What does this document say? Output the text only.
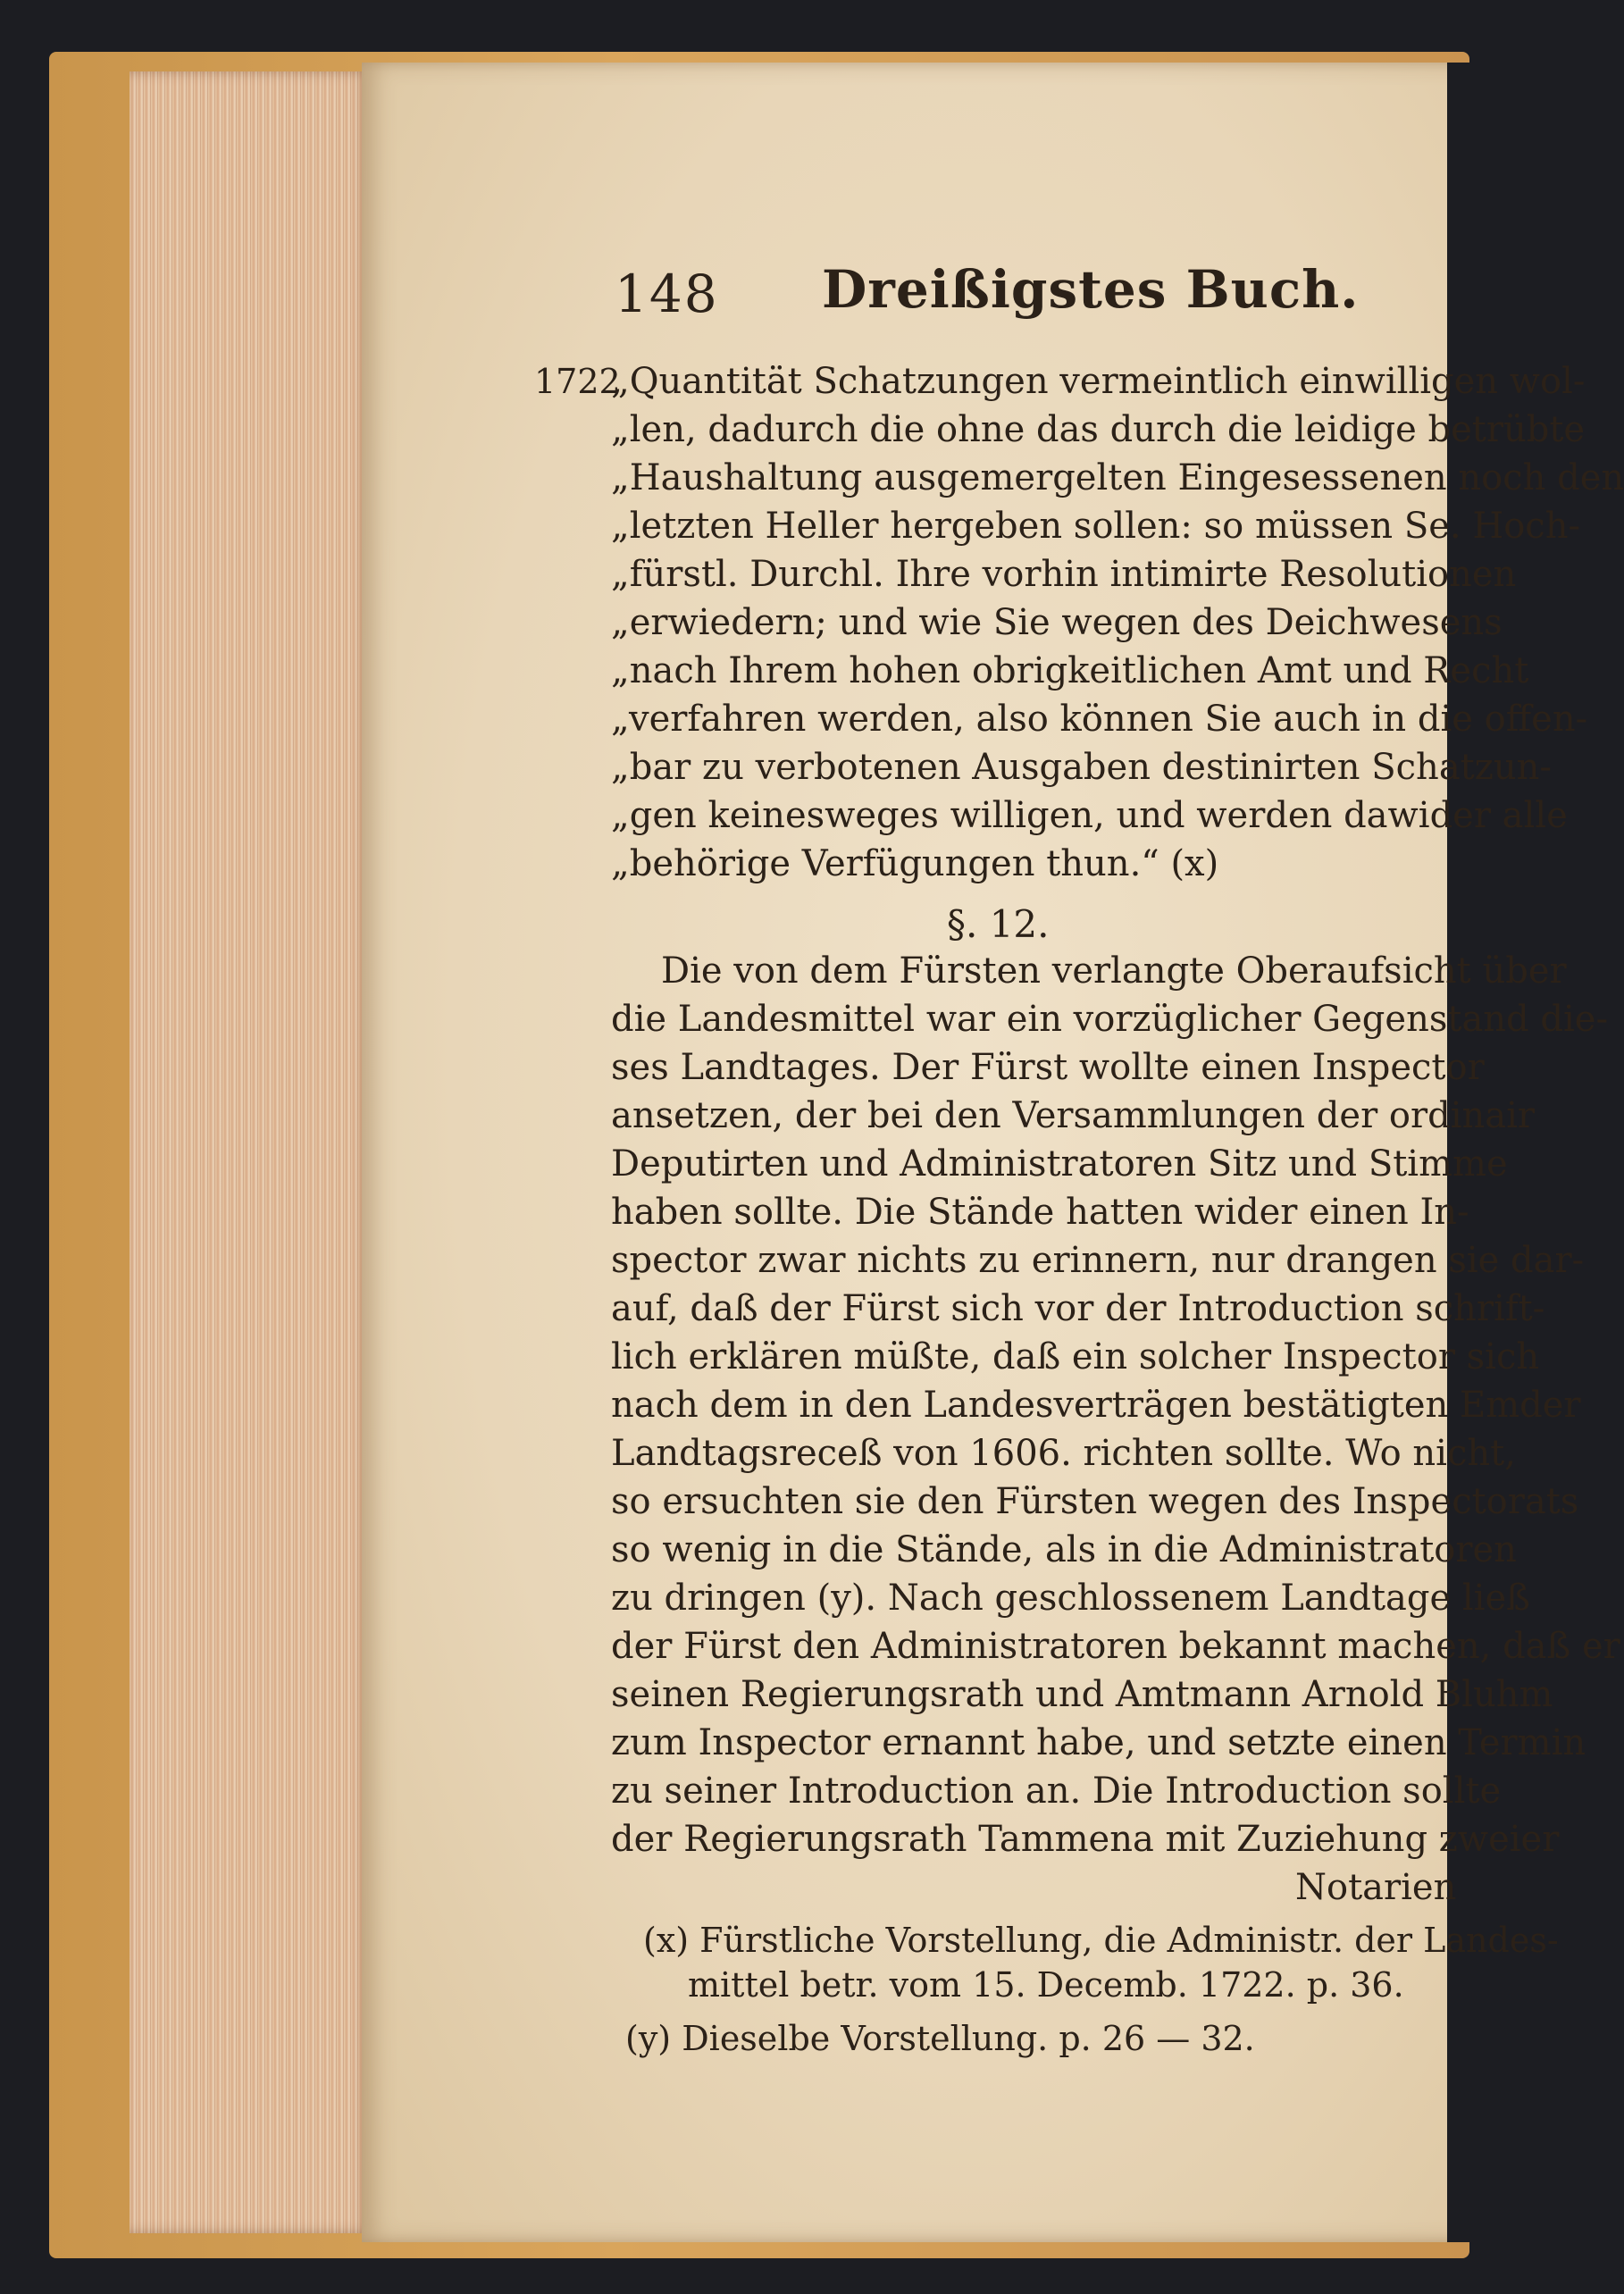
148 Dreißigstes Buch.
1722
„Quantität Schatzungen vermeintlich einwilligen wol-
„len, dadurch die ohne das durch die leidige betrübte
„Haushaltung ausgemergelten Eingesessenen noch den
„letzten Heller hergeben sollen: so müssen Se. Hoch-
„fürstl. Durchl. Ihre vorhin intimirte Resolutionen
„erwiedern; und wie Sie wegen des Deichwesens
„nach Ihrem hohen obrigkeitlichen Amt und Recht
„verfahren werden, also können Sie auch in die offen-
„bar zu verbotenen Ausgaben destinirten Schatzun-
„gen keinesweges willigen, und werden dawider alle
„behörige Verfügungen thun.“ (x)
§. 12.
Die von dem Fürsten verlangte Oberaufsicht über
die Landesmittel war ein vorzüglicher Gegenstand die-
ses Landtages. Der Fürst wollte einen Inspector
ansetzen, der bei den Versammlungen der ordinair
Deputirten und Administratoren Sitz und Stimme
haben sollte. Die Stände hatten wider einen In-
spector zwar nichts zu erinnern, nur drangen sie dar-
auf, daß der Fürst sich vor der Introduction schrift-
lich erklären müßte, daß ein solcher Inspector sich
nach dem in den Landesverträgen bestätigten Emder
Landtagsreceß von 1606. richten sollte. Wo nicht,
so ersuchten sie den Fürsten wegen des Inspectorats
so wenig in die Stände, als in die Administratoren
zu dringen (y). Nach geschlossenem Landtage ließ
der Fürst den Administratoren bekannt machen, daß er
seinen Regierungsrath und Amtmann Arnold Bluhm
zum Inspector ernannt habe, und setzte einen Termin
zu seiner Introduction an. Die Introduction sollte
der Regierungsrath Tammena mit Zuziehung zweier
Notarien
(x) Fürstliche Vorstellung, die Administr. der Landes-
mittel betr. vom 15. Decemb. 1722. p. 36.
(y) Dieselbe Vorstellung. p. 26 — 32.
